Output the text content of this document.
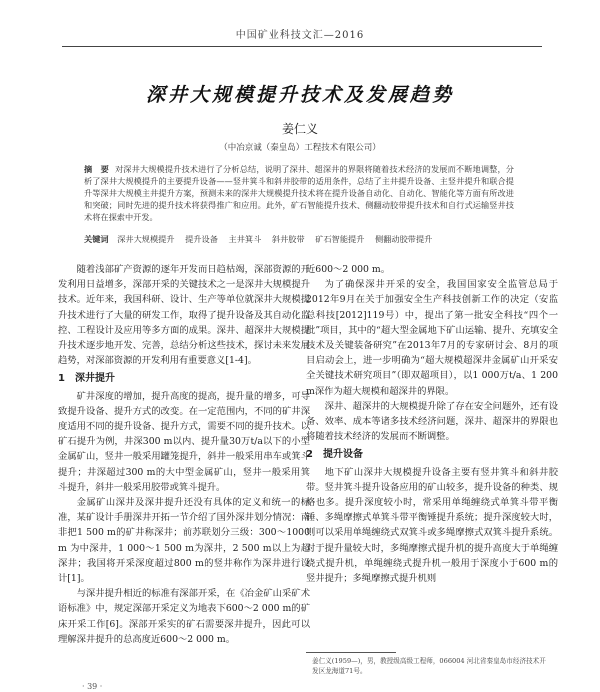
中国矿业科技文汇—2016
深井大规模提升技术及发展趋势
姜仁义
（中冶京诚（秦皇岛）工程技术有限公司）
摘　要 对深井大规模提升技术进行了分析总结，说明了深井、超深井的界限将随着技术经济的发展而不断地调整，分析了深井大规模提升的主要提升设备——竖井箕斗和斜井胶带的适用条件，总结了主井提升设备、主竖井提升和联合提升等深井大规模主井提升方案，预测未来的深井大规模提升技术将在提升设备自动化、自动化、智能化等方面有所改进和突破；同时先进的提升技术将获得推广和应用。此外，矿石智能提升技术、侧翻动胶带提升技术和自行式运输竖井技术将在探索中开发。
关键词 深井大规模提升 提升设备 主井箕斗 斜井胶带 矿石智能提升 侧翻动胶带提升

随着浅部矿产资源的逐年开发而日趋枯竭，深部资源的开发利用日益增多，深部开采的关键技术之一是深井大规模提升技术。近年来，我国科研、设计、生产等单位就深井大规模提升技术进行了大量的研发工作，取得了提升设备及其自动化监控、工程设计及应用等多方面的成果。深井、超深井大规模提升技术逐步地开发、完善，总结分析这些技术，探讨未来发展趋势，对深部资源的开发利用有重要意义[1-4]。

1　深井提升

矿井深度的增加，提升高度的提高，提升量的增多，可导致提升设备、提升方式的改变。在一定范围内，不同的矿井深度适用不同的提升设备、提升方式，需要不同的提升技术。以矿石提升为例，井深300 m以内、提升量30万t/a以下的小型金属矿山，竖井一般采用罐笼提升，斜井一般采用串车或箕斗提升；井深超过300 m的大中型金属矿山，竖井一般采用箕斗提升，斜井一般采用胶带或箕斗提升。

金属矿山深井及深井提升还没有具体的定义和统一的标准，某矿设计手册深井开拓一节介绍了国外深井划分情况：南非把1 500 m的矿井称深井；前苏联划分三级：300～1000 m 为中深井，1 000～1 500 m为深井，2 500 m以上为超深井；我国将开采深度超过800 m的竖井称作为深井进行设计[1]。

与深井提升相近的标准有深部开采，在《冶金矿山采矿术语标准》中，规定深部开采定义为地表下600～2 000 m的矿床开采工作[6]。深部开采实的矿石需要深井提升，因此可以理解深井提升的总高度近600～2 000 m。

近600～2 000 m。

为了确保深井开采的安全，我国国家安全监管总局于2012年9月在关于加强安全生产科技创新工作的决定（安监总科技[2012]119号）中，提出了第一批安全科技“四个一批”项目，其中的“超大型金属地下矿山运输、提升、充填安全技术及关键装备研究”在2013年7月的专家研讨会、8月的项目启动会上，进一步明确为“超大规模超深井金属矿山开采安全关键技术研究项目”（即双超项目），以1 000万t/a、1 200 m深作为超大规模和超深井的界限。

深井、超深井的大规模提升除了存在安全问题外，还有设备、效率、成本等诸多技术经济问题，深井、超深井的界限也将随着技术经济的发展而不断调整。

2　提升设备

地下矿山深井大规模提升设备主要有竖井箕斗和斜井胶带。竖井箕斗提升设备应用的矿山较多，提升设备的种类、规格也多。提升深度较小时，常采用单绳缠绕式单箕斗带平衡锤、多绳摩擦式单箕斗带平衡锤提升系统；提升深度较大时，则可以采用单绳缠绕式双箕斗或多绳摩擦式双箕斗提升系统。对于提升量较大时，多绳摩擦式提升机的提升高度大于单绳缠绕式提升机，单绳缠绕式提升机一般用于深度小于600 m的竖井提升；多绳摩擦式提升机则

姜仁义(1959—)，男，教授级高级工程师，066004 河北省秦皇岛市经济技术开发区龙海道71号。
· 39 ·
